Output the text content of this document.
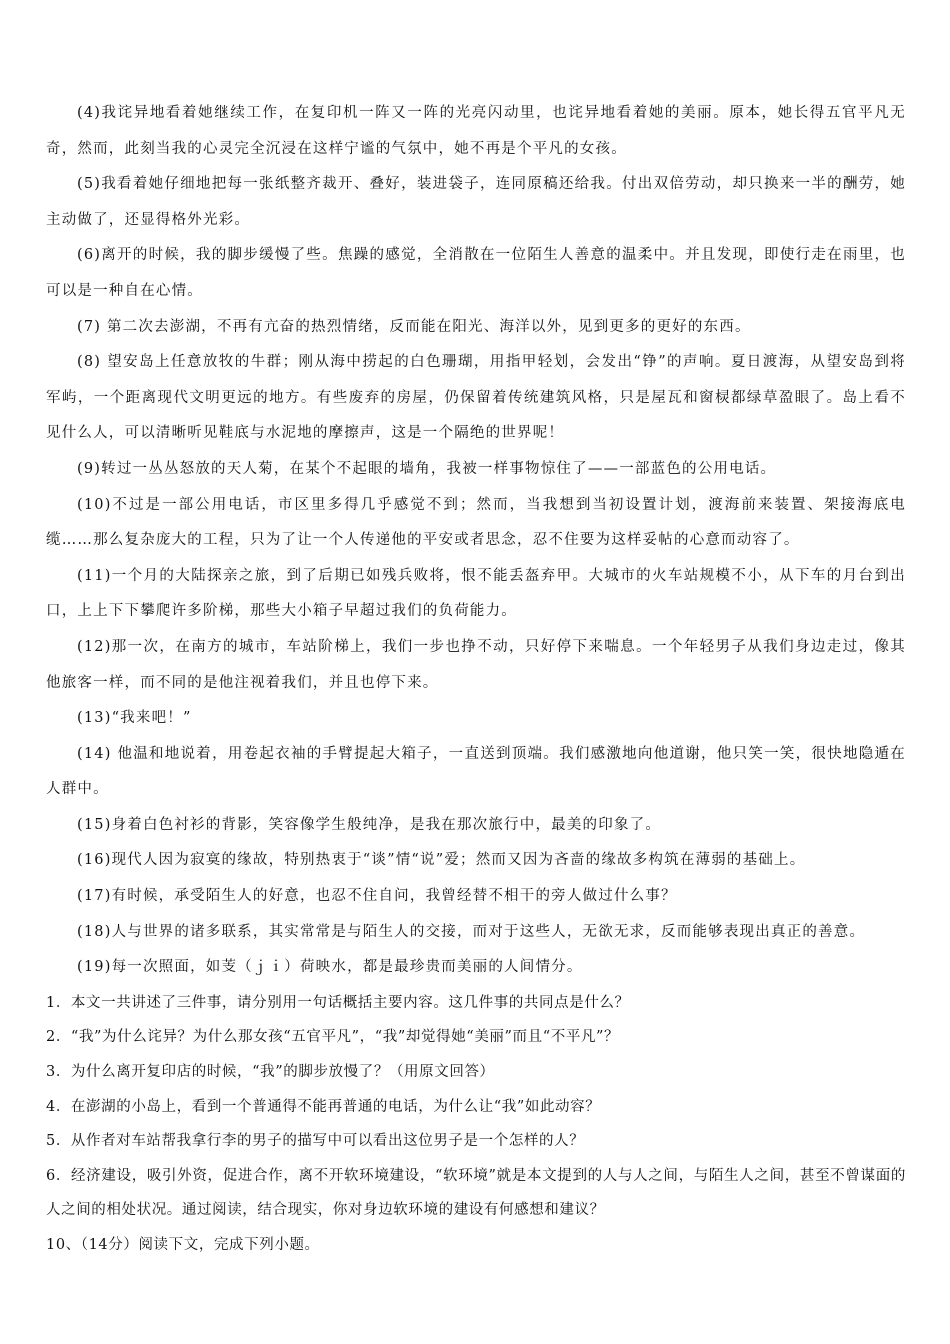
(4)我诧异地看着她继续工作，在复印机一阵又一阵的光亮闪动里，也诧异地看着她的美丽。原本，她长得五官平凡无奇，然而，此刻当我的心灵完全沉浸在这样宁谧的气氛中，她不再是个平凡的女孩。

(5)我看着她仔细地把每一张纸整齐裁开、叠好，装进袋子，连同原稿还给我。付出双倍劳动，却只换来一半的酬劳，她主动做了，还显得格外光彩。

(6)离开的时候，我的脚步缓慢了些。焦躁的感觉，全消散在一位陌生人善意的温柔中。并且发现，即使行走在雨里，也可以是一种自在心情。

(7) 第二次去澎湖，不再有亢奋的热烈情绪，反而能在阳光、海洋以外，见到更多的更好的东西。

(8) 望安岛上任意放牧的牛群；刚从海中捞起的白色珊瑚，用指甲轻划，会发出“铮”的声响。夏日渡海，从望安岛到将军屿，一个距离现代文明更远的地方。有些废弃的房屋，仍保留着传统建筑风格，只是屋瓦和窗棂都绿草盈眼了。岛上看不见什么人，可以清晰听见鞋底与水泥地的摩擦声，这是一个隔绝的世界呢！

(9)转过一丛丛怒放的天人菊，在某个不起眼的墙角，我被一样事物惊住了——一部蓝色的公用电话。

(10)不过是一部公用电话，市区里多得几乎感觉不到；然而，当我想到当初设置计划，渡海前来装置、架接海底电缆……那么复杂庞大的工程，只为了让一个人传递他的平安或者思念，忍不住要为这样妥帖的心意而动容了。

(11)一个月的大陆探亲之旅，到了后期已如残兵败将，恨不能丢盔弃甲。大城市的火车站规模不小，从下车的月台到出口，上上下下攀爬许多阶梯，那些大小箱子早超过我们的负荷能力。

(12)那一次，在南方的城市，车站阶梯上，我们一步也挣不动，只好停下来喘息。一个年轻男子从我们身边走过，像其他旅客一样，而不同的是他注视着我们，并且也停下来。

(13)“我来吧！”

(14) 他温和地说着，用卷起衣袖的手臂提起大箱子，一直送到顶端。我们感激地向他道谢，他只笑一笑，很快地隐遁在人群中。

(15)身着白色衬衫的背影，笑容像学生般纯净，是我在那次旅行中，最美的印象了。

(16)现代人因为寂寞的缘故，特别热衷于“谈”情“说”爱；然而又因为吝啬的缘故多构筑在薄弱的基础上。

(17)有时候，承受陌生人的好意，也忍不住自问，我曾经替不相干的旁人做过什么事？

(18)人与世界的诸多联系，其实常常是与陌生人的交接，而对于这些人，无欲无求，反而能够表现出真正的善意。

(19)每一次照面，如芰（ｊｉ）荷映水，都是最珍贵而美丽的人间情分。

1．本文一共讲述了三件事，请分别用一句话概括主要内容。这几件事的共同点是什么？

2．“我”为什么诧异？为什么那女孩“五官平凡”，“我”却觉得她“美丽”而且“不平凡”？

3．为什么离开复印店的时候，“我”的脚步放慢了？（用原文回答）

4．在澎湖的小岛上，看到一个普通得不能再普通的电话，为什么让“我”如此动容？

5．从作者对车站帮我拿行李的男子的描写中可以看出这位男子是一个怎样的人？

6．经济建设，吸引外资，促进合作，离不开软环境建设，“软环境”就是本文提到的人与人之间，与陌生人之间，甚至不曾谋面的人之间的相处状况。通过阅读，结合现实，你对身边软环境的建设有何感想和建议？

10、（14分）阅读下文，完成下列小题。
